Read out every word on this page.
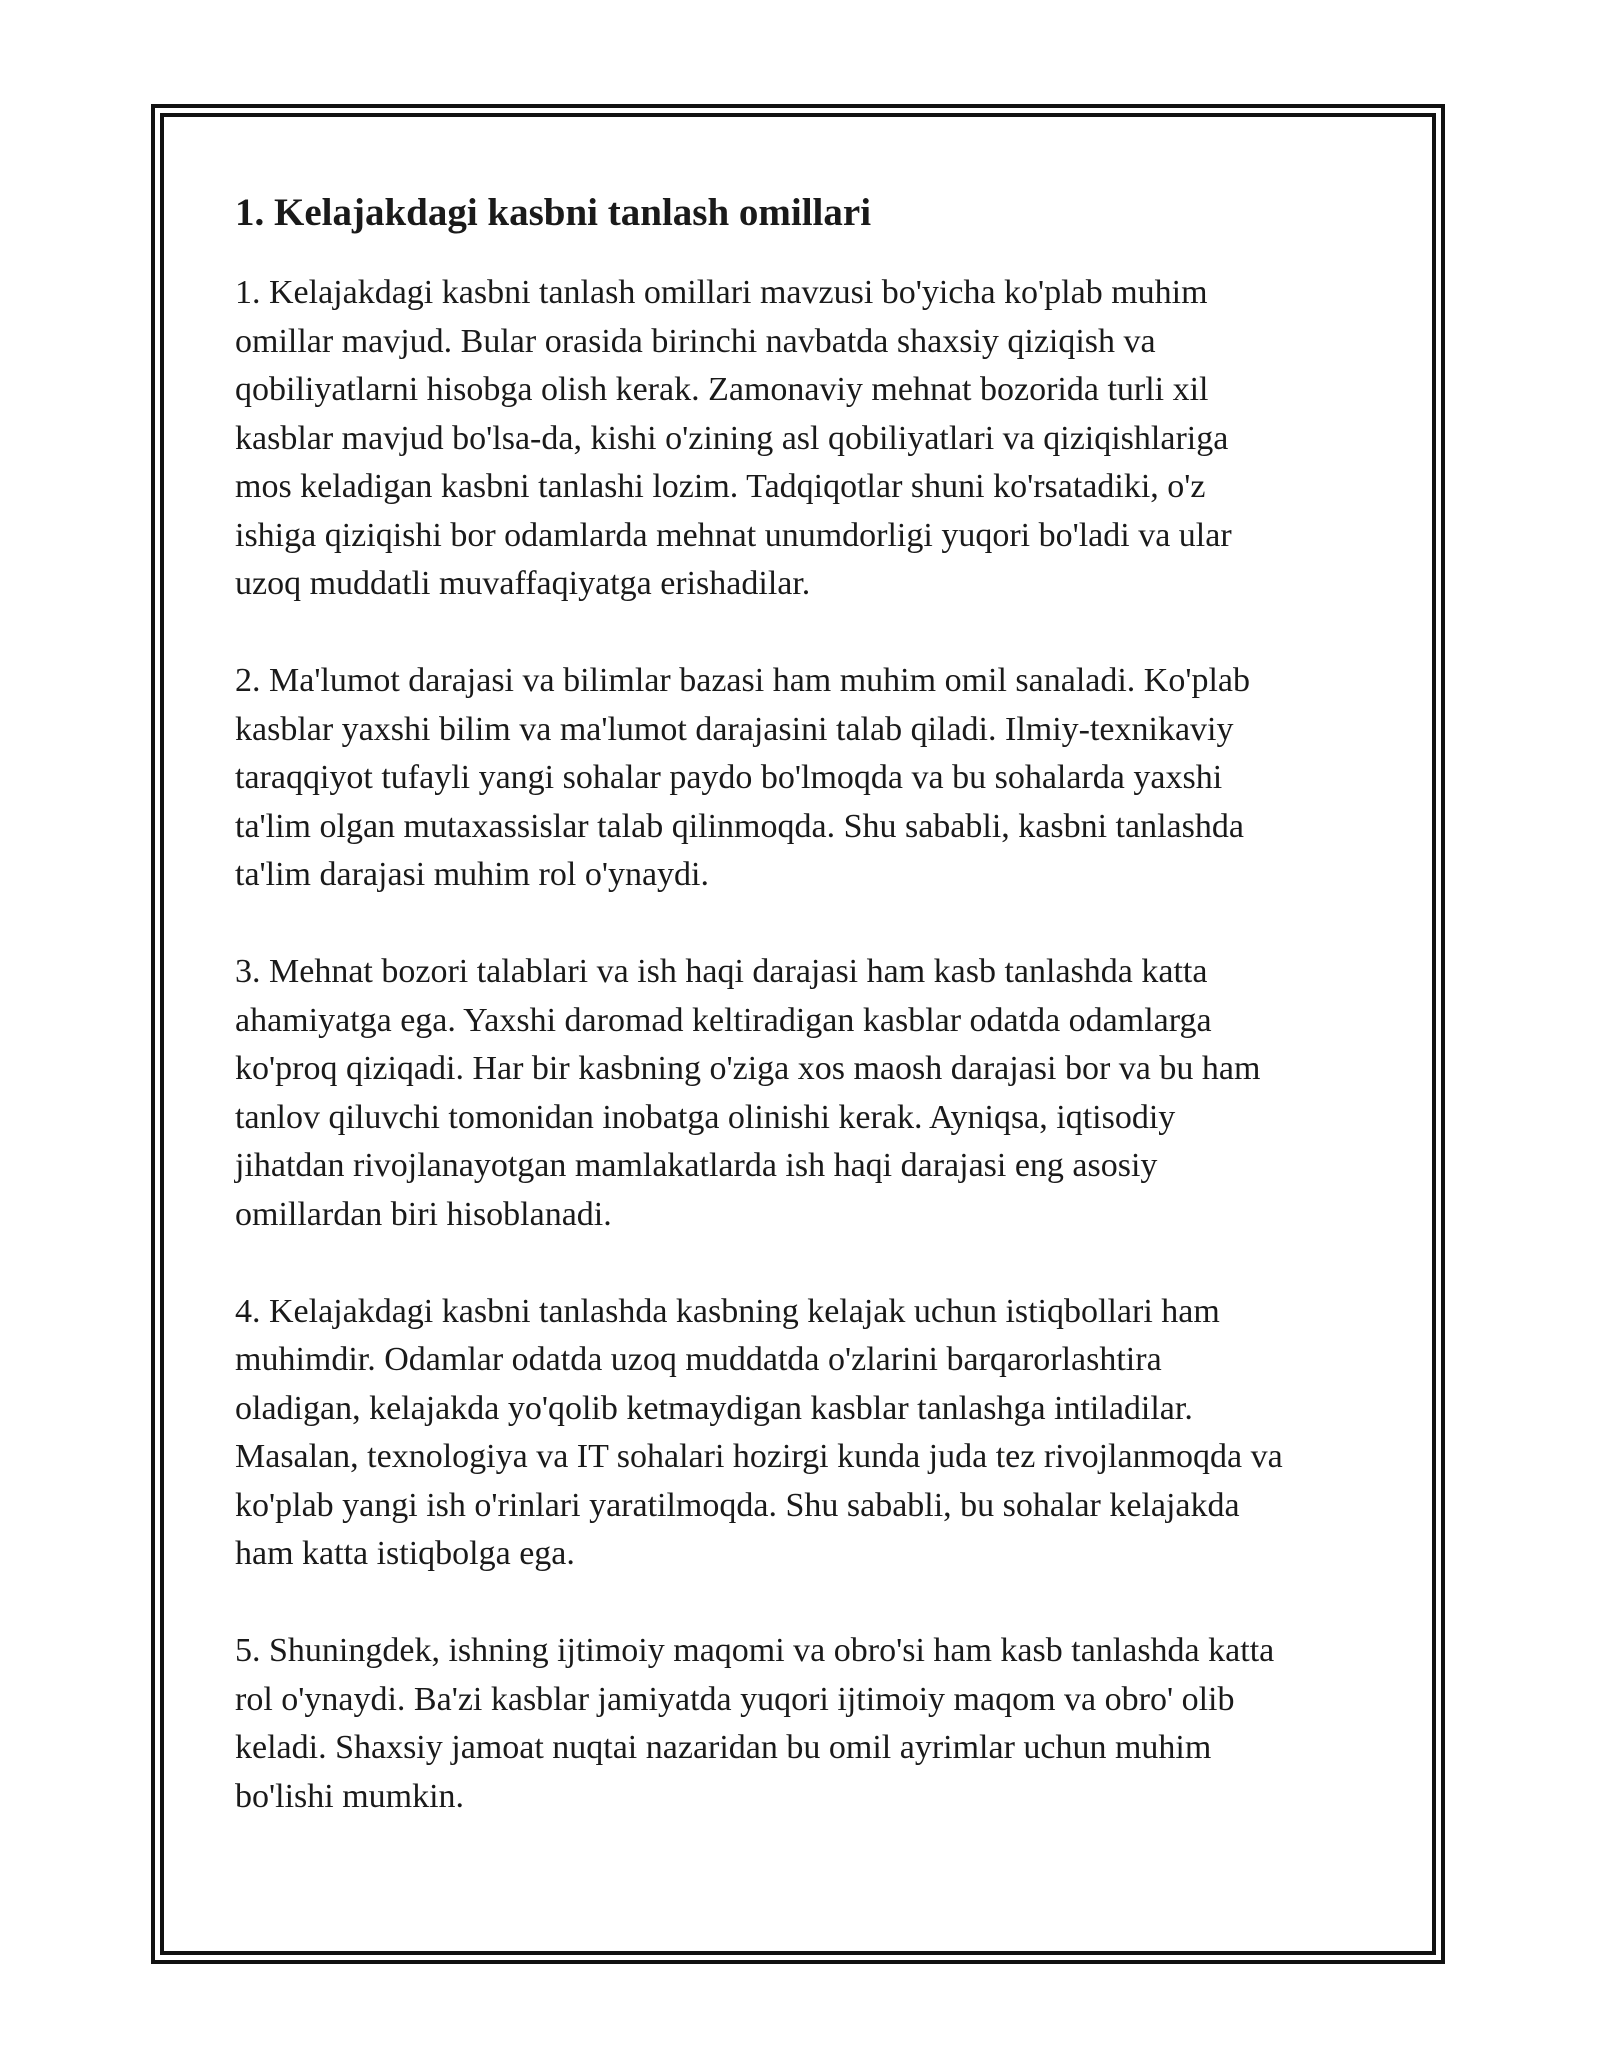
1. Kelajakdagi kasbni tanlash omillari

1. Kelajakdagi kasbni tanlash omillari mavzusi bo'yicha ko'plab muhim
omillar mavjud. Bular orasida birinchi navbatda shaxsiy qiziqish va
qobiliyatlarni hisobga olish kerak. Zamonaviy mehnat bozorida turli xil
kasblar mavjud bo'lsa-da, kishi o'zining asl qobiliyatlari va qiziqishlariga
mos keladigan kasbni tanlashi lozim. Tadqiqotlar shuni ko'rsatadiki, o'z
ishiga qiziqishi bor odamlarda mehnat unumdorligi yuqori bo'ladi va ular
uzoq muddatli muvaffaqiyatga erishadilar.

2. Ma'lumot darajasi va bilimlar bazasi ham muhim omil sanaladi. Ko'plab
kasblar yaxshi bilim va ma'lumot darajasini talab qiladi. Ilmiy-texnikaviy
taraqqiyot tufayli yangi sohalar paydo bo'lmoqda va bu sohalarda yaxshi
ta'lim olgan mutaxassislar talab qilinmoqda. Shu sababli, kasbni tanlashda
ta'lim darajasi muhim rol o'ynaydi.

3. Mehnat bozori talablari va ish haqi darajasi ham kasb tanlashda katta
ahamiyatga ega. Yaxshi daromad keltiradigan kasblar odatda odamlarga
ko'proq qiziqadi. Har bir kasbning o'ziga xos maosh darajasi bor va bu ham
tanlov qiluvchi tomonidan inobatga olinishi kerak. Ayniqsa, iqtisodiy
jihatdan rivojlanayotgan mamlakatlarda ish haqi darajasi eng asosiy
omillardan biri hisoblanadi.

4. Kelajakdagi kasbni tanlashda kasbning kelajak uchun istiqbollari ham
muhimdir. Odamlar odatda uzoq muddatda o'zlarini barqarorlashtira
oladigan, kelajakda yo'qolib ketmaydigan kasblar tanlashga intiladilar.
Masalan, texnologiya va IT sohalari hozirgi kunda juda tez rivojlanmoqda va
ko'plab yangi ish o'rinlari yaratilmoqda. Shu sababli, bu sohalar kelajakda
ham katta istiqbolga ega.

5. Shuningdek, ishning ijtimoiy maqomi va obro'si ham kasb tanlashda katta
rol o'ynaydi. Ba'zi kasblar jamiyatda yuqori ijtimoiy maqom va obro' olib
keladi. Shaxsiy jamoat nuqtai nazaridan bu omil ayrimlar uchun muhim
bo'lishi mumkin.
